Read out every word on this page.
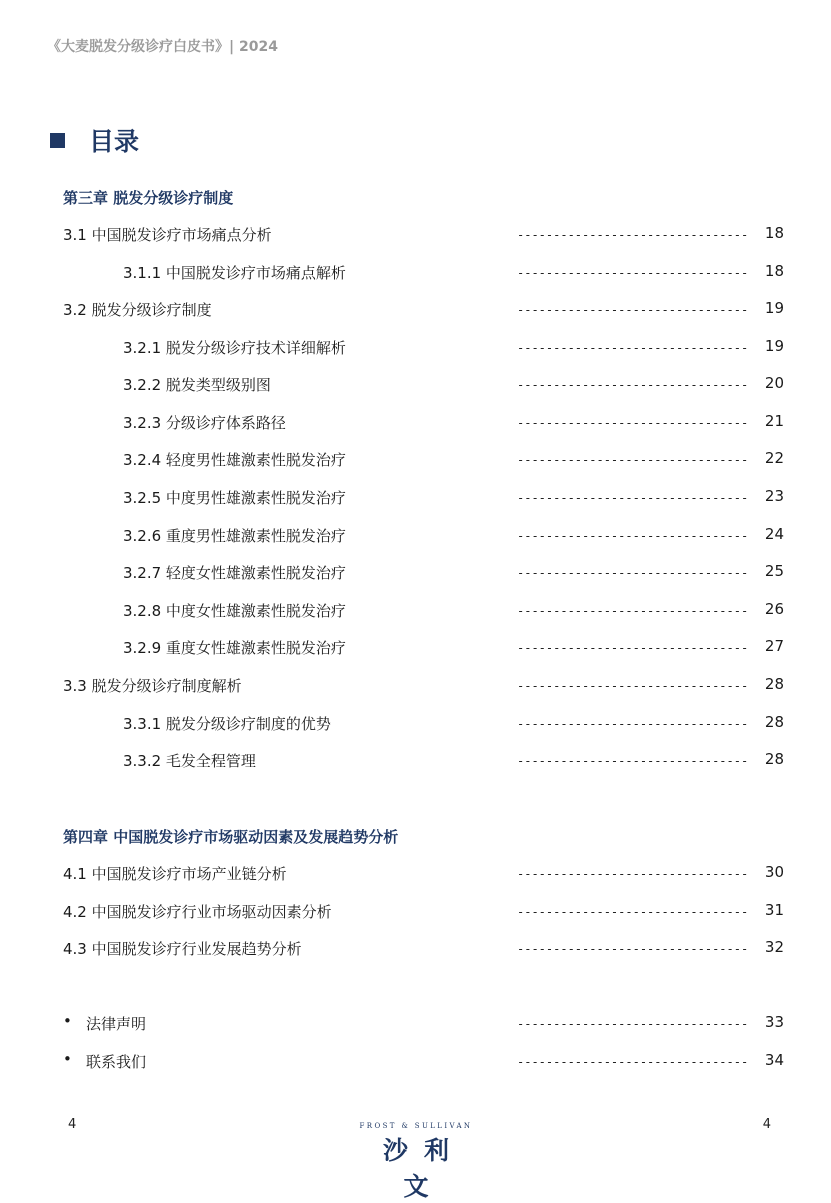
《大麦脱发分级诊疗白皮书》| 2024
目录
第三章 脱发分级诊疗制度
3.1 中国脱发诊疗市场痛点分析	-------------------------------- 18
3.1.1 中国脱发诊疗市场痛点解析	-------------------------------- 18
3.2 脱发分级诊疗制度	-------------------------------- 19
3.2.1 脱发分级诊疗技术详细解析	-------------------------------- 19
3.2.2 脱发类型级别图	-------------------------------- 20
3.2.3 分级诊疗体系路径	-------------------------------- 21
3.2.4 轻度男性雄激素性脱发治疗	-------------------------------- 22
3.2.5 中度男性雄激素性脱发治疗	-------------------------------- 23
3.2.6 重度男性雄激素性脱发治疗	-------------------------------- 24
3.2.7 轻度女性雄激素性脱发治疗	-------------------------------- 25
3.2.8 中度女性雄激素性脱发治疗	-------------------------------- 26
3.2.9 重度女性雄激素性脱发治疗	-------------------------------- 27
3.3 脱发分级诊疗制度解析	-------------------------------- 28
3.3.1 脱发分级诊疗制度的优势	-------------------------------- 28
3.3.2 毛发全程管理	-------------------------------- 28
第四章 中国脱发诊疗市场驱动因素及发展趋势分析
4.1 中国脱发诊疗市场产业链分析	-------------------------------- 30
4.2 中国脱发诊疗行业市场驱动因素分析	-------------------------------- 31
4.3 中国脱发诊疗行业发展趋势分析	-------------------------------- 32
• 法律声明	-------------------------------- 33
• 联系我们	-------------------------------- 34
4	4
FROST & SULLIVAN
沙利文
